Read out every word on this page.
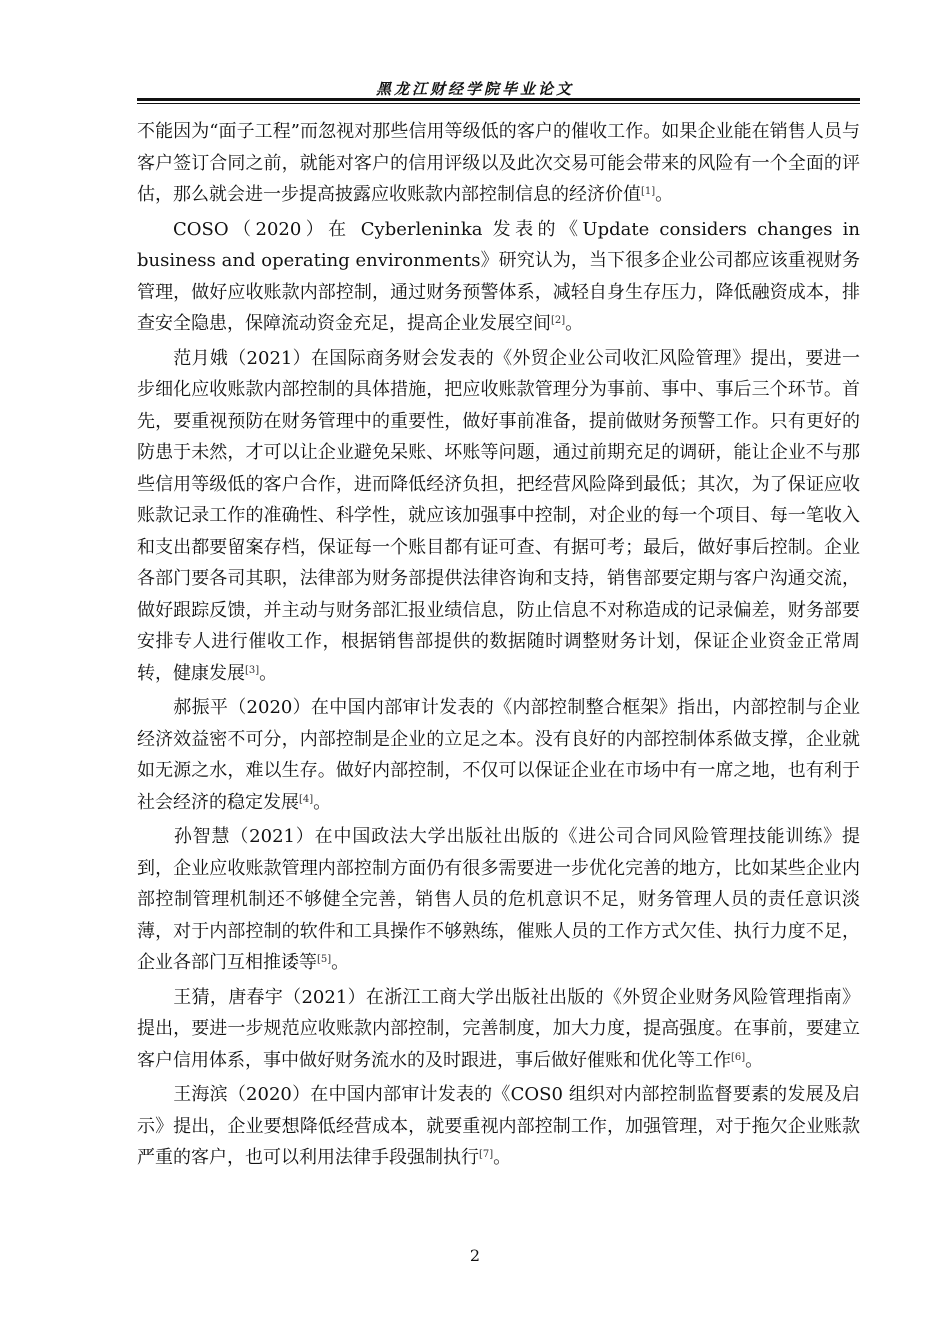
黑龙江财经学院毕业论文

不能因为“面子工程”而忽视对那些信用等级低的客户的催收工作。如果企业能在销售人员与客户签订合同之前，就能对客户的信用评级以及此次交易可能会带来的风险有一个全面的评估，那么就会进一步提高披露应收账款内部控制信息的经济价值[1]。

COSO（2020）在 Cyberleninka 发表的《Update considers changes in business and operating environments》研究认为，当下很多企业公司都应该重视财务管理，做好应收账款内部控制，通过财务预警体系，减轻自身生存压力，降低融资成本，排查安全隐患，保障流动资金充足，提高企业发展空间[2]。

范月娥（2021）在国际商务财会发表的《外贸企业公司收汇风险管理》提出，要进一步细化应收账款内部控制的具体措施，把应收账款管理分为事前、事中、事后三个环节。首先，要重视预防在财务管理中的重要性，做好事前准备，提前做财务预警工作。只有更好的防患于未然，才可以让企业避免呆账、坏账等问题，通过前期充足的调研，能让企业不与那些信用等级低的客户合作，进而降低经济负担，把经营风险降到最低；其次，为了保证应收账款记录工作的准确性、科学性，就应该加强事中控制，对企业的每一个项目、每一笔收入和支出都要留案存档，保证每一个账目都有证可查、有据可考；最后，做好事后控制。企业各部门要各司其职，法律部为财务部提供法律咨询和支持，销售部要定期与客户沟通交流，做好跟踪反馈，并主动与财务部汇报业绩信息，防止信息不对称造成的记录偏差，财务部要安排专人进行催收工作，根据销售部提供的数据随时调整财务计划，保证企业资金正常周转，健康发展[3]。

郝振平（2020）在中国内部审计发表的《内部控制整合框架》指出，内部控制与企业经济效益密不可分，内部控制是企业的立足之本。没有良好的内部控制体系做支撑，企业就如无源之水，难以生存。做好内部控制，不仅可以保证企业在市场中有一席之地，也有利于社会经济的稳定发展[4]。

孙智慧（2021）在中国政法大学出版社出版的《进公司合同风险管理技能训练》提到，企业应收账款管理内部控制方面仍有很多需要进一步优化完善的地方，比如某些企业内部控制管理机制还不够健全完善，销售人员的危机意识不足，财务管理人员的责任意识淡薄，对于内部控制的软件和工具操作不够熟练，催账人员的工作方式欠佳、执行力度不足，企业各部门互相推诿等[5]。

王猜，唐春宇（2021）在浙江工商大学出版社出版的《外贸企业财务风险管理指南》提出，要进一步规范应收账款内部控制，完善制度，加大力度，提高强度。在事前，要建立客户信用体系，事中做好财务流水的及时跟进，事后做好催账和优化等工作[6]。

王海滨（2020）在中国内部审计发表的《COS0 组织对内部控制监督要素的发展及启示》提出，企业要想降低经营成本，就要重视内部控制工作，加强管理，对于拖欠企业账款严重的客户，也可以利用法律手段强制执行[7]。

2
